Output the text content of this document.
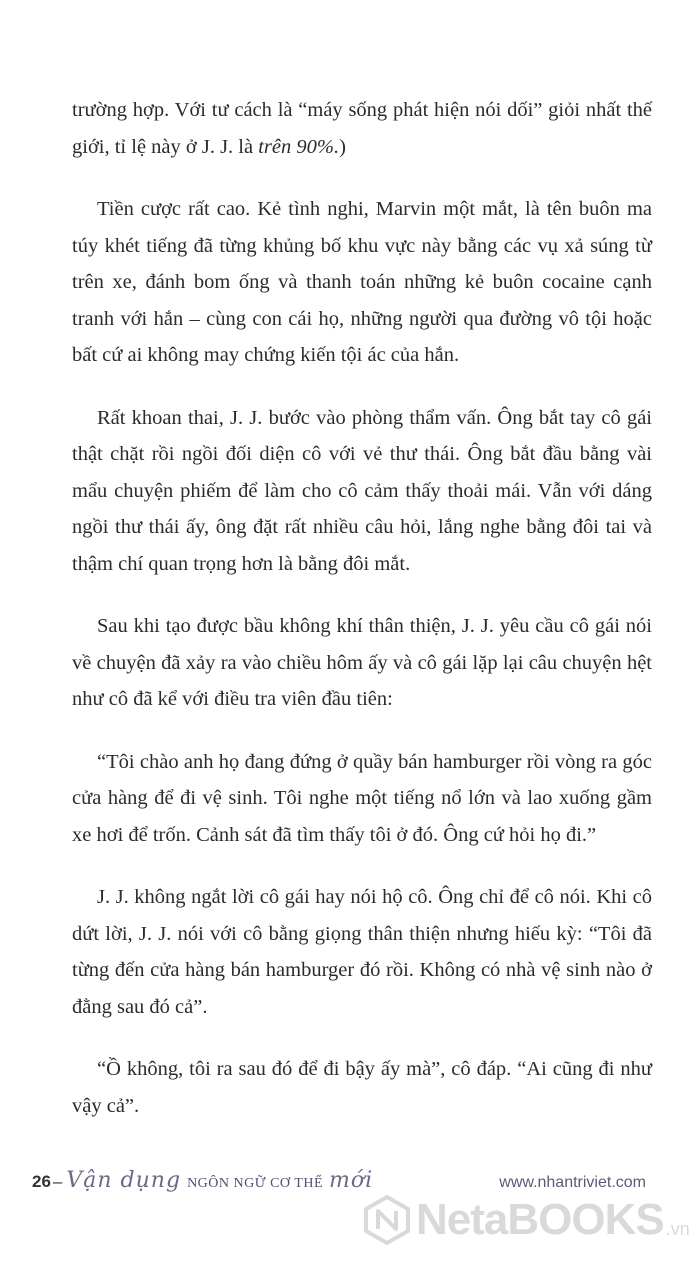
trường hợp. Với tư cách là “máy sống phát hiện nói dối” giỏi nhất thế giới, tỉ lệ này ở J. J. là trên 90%.)

Tiền cược rất cao. Kẻ tình nghi, Marvin một mắt, là tên buôn ma túy khét tiếng đã từng khủng bố khu vực này bằng các vụ xả súng từ trên xe, đánh bom ống và thanh toán những kẻ buôn cocaine cạnh tranh với hắn – cùng con cái họ, những người qua đường vô tội hoặc bất cứ ai không may chứng kiến tội ác của hắn.

Rất khoan thai, J. J. bước vào phòng thẩm vấn. Ông bắt tay cô gái thật chặt rồi ngồi đối diện cô với vẻ thư thái. Ông bắt đầu bằng vài mẩu chuyện phiếm để làm cho cô cảm thấy thoải mái. Vẫn với dáng ngồi thư thái ấy, ông đặt rất nhiều câu hỏi, lắng nghe bằng đôi tai và thậm chí quan trọng hơn là bằng đôi mắt.

Sau khi tạo được bầu không khí thân thiện, J. J. yêu cầu cô gái nói về chuyện đã xảy ra vào chiều hôm ấy và cô gái lặp lại câu chuyện hệt như cô đã kể với điều tra viên đầu tiên:

“Tôi chào anh họ đang đứng ở quầy bán hamburger rồi vòng ra góc cửa hàng để đi vệ sinh. Tôi nghe một tiếng nổ lớn và lao xuống gầm xe hơi để trốn. Cảnh sát đã tìm thấy tôi ở đó. Ông cứ hỏi họ đi.”

J. J. không ngắt lời cô gái hay nói hộ cô. Ông chỉ để cô nói. Khi cô dứt lời, J. J. nói với cô bằng giọng thân thiện nhưng hiếu kỳ: “Tôi đã từng đến cửa hàng bán hamburger đó rồi. Không có nhà vệ sinh nào ở đằng sau đó cả”.

“Ồ không, tôi ra sau đó để đi bậy ấy mà”, cô đáp. “Ai cũng đi như vậy cả”.

26 – Vận dụng NGÔN NGỮ CƠ THỂ mới	www.nhantriviet.com
NetaBOOKS .vn
